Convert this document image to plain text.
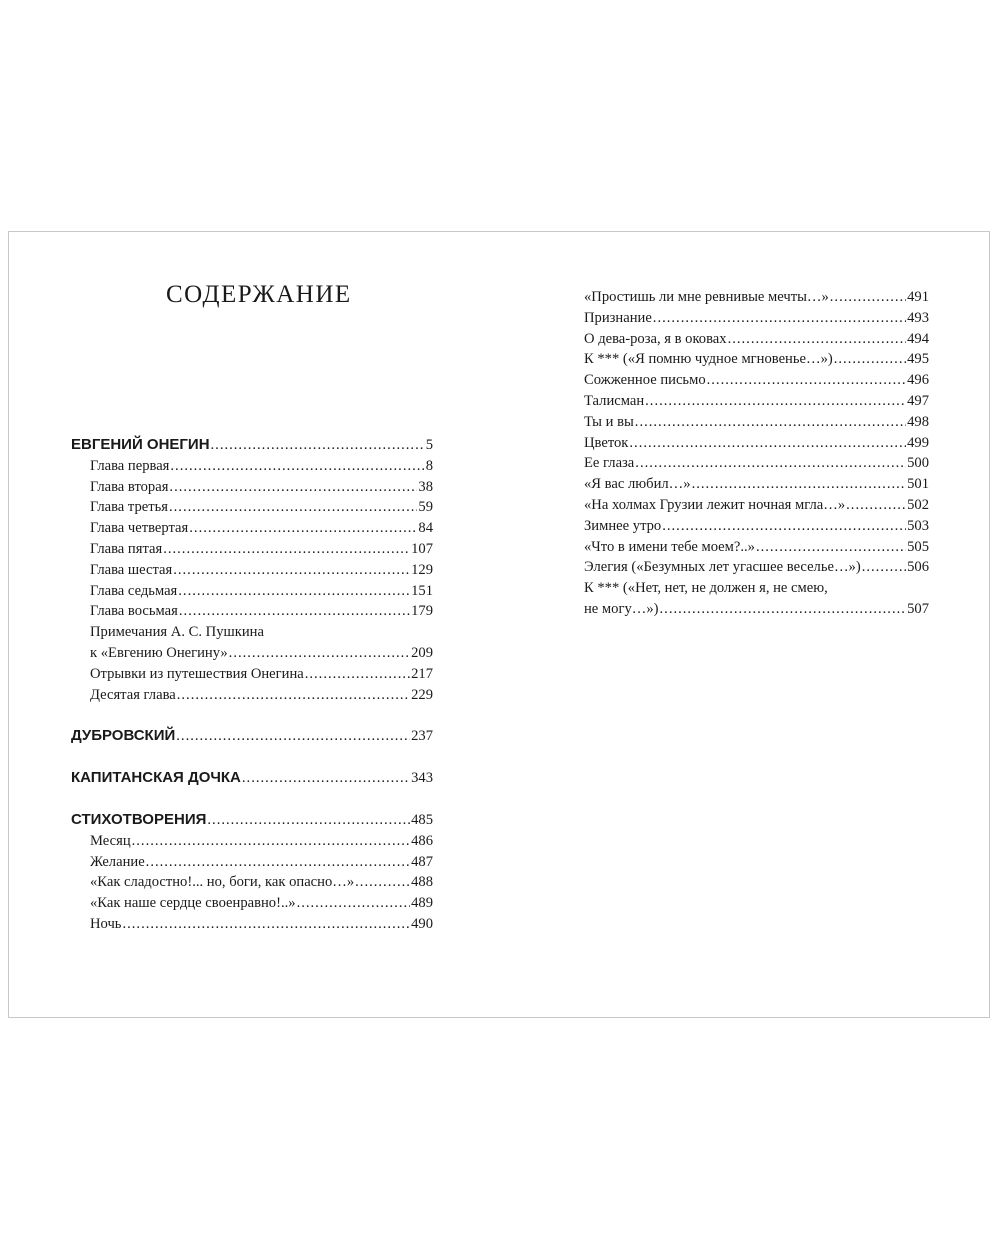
СОДЕРЖАНИЕ
ЕВГЕНИЙ ОНЕГИН .....	5
Глава первая .....	8
Глава вторая .....	38
Глава третья .....	59
Глава четвертая .....	84
Глава пятая .....	107
Глава шестая .....	129
Глава седьмая .....	151
Глава восьмая .....	179
Примечания А. С. Пушкина
к «Евгению Онегину» .....	209
Отрывки из путешествия Онегина .....	217
Десятая глава .....	229
ДУБРОВСКИЙ .....	237
КАПИТАНСКАЯ ДОЧКА .....	343
СТИХОТВОРЕНИЯ .....	485
Месяц .....	486
Желание .....	487
«Как сладостно!... но, боги, как опасно…» .....	488
«Как наше сердце своенравно!..» .....	489
Ночь .....	490
«Простишь ли мне ревнивые мечты…» .....	491
Признание .....	493
О дева-роза, я в оковах .....	494
К *** («Я помню чудное мгновенье…») .....	495
Сожженное письмо .....	496
Талисман .....	497
Ты и вы .....	498
Цветок .....	499
Ее глаза .....	500
«Я вас любил…» .....	501
«На холмах Грузии лежит ночная мгла…» .....	502
Зимнее утро .....	503
«Что в имени тебе моем?..» .....	505
Элегия («Безумных лет угасшее веселье…») .....	506
К *** («Нет, нет, не должен я, не смею,
не могу…») .....	507
